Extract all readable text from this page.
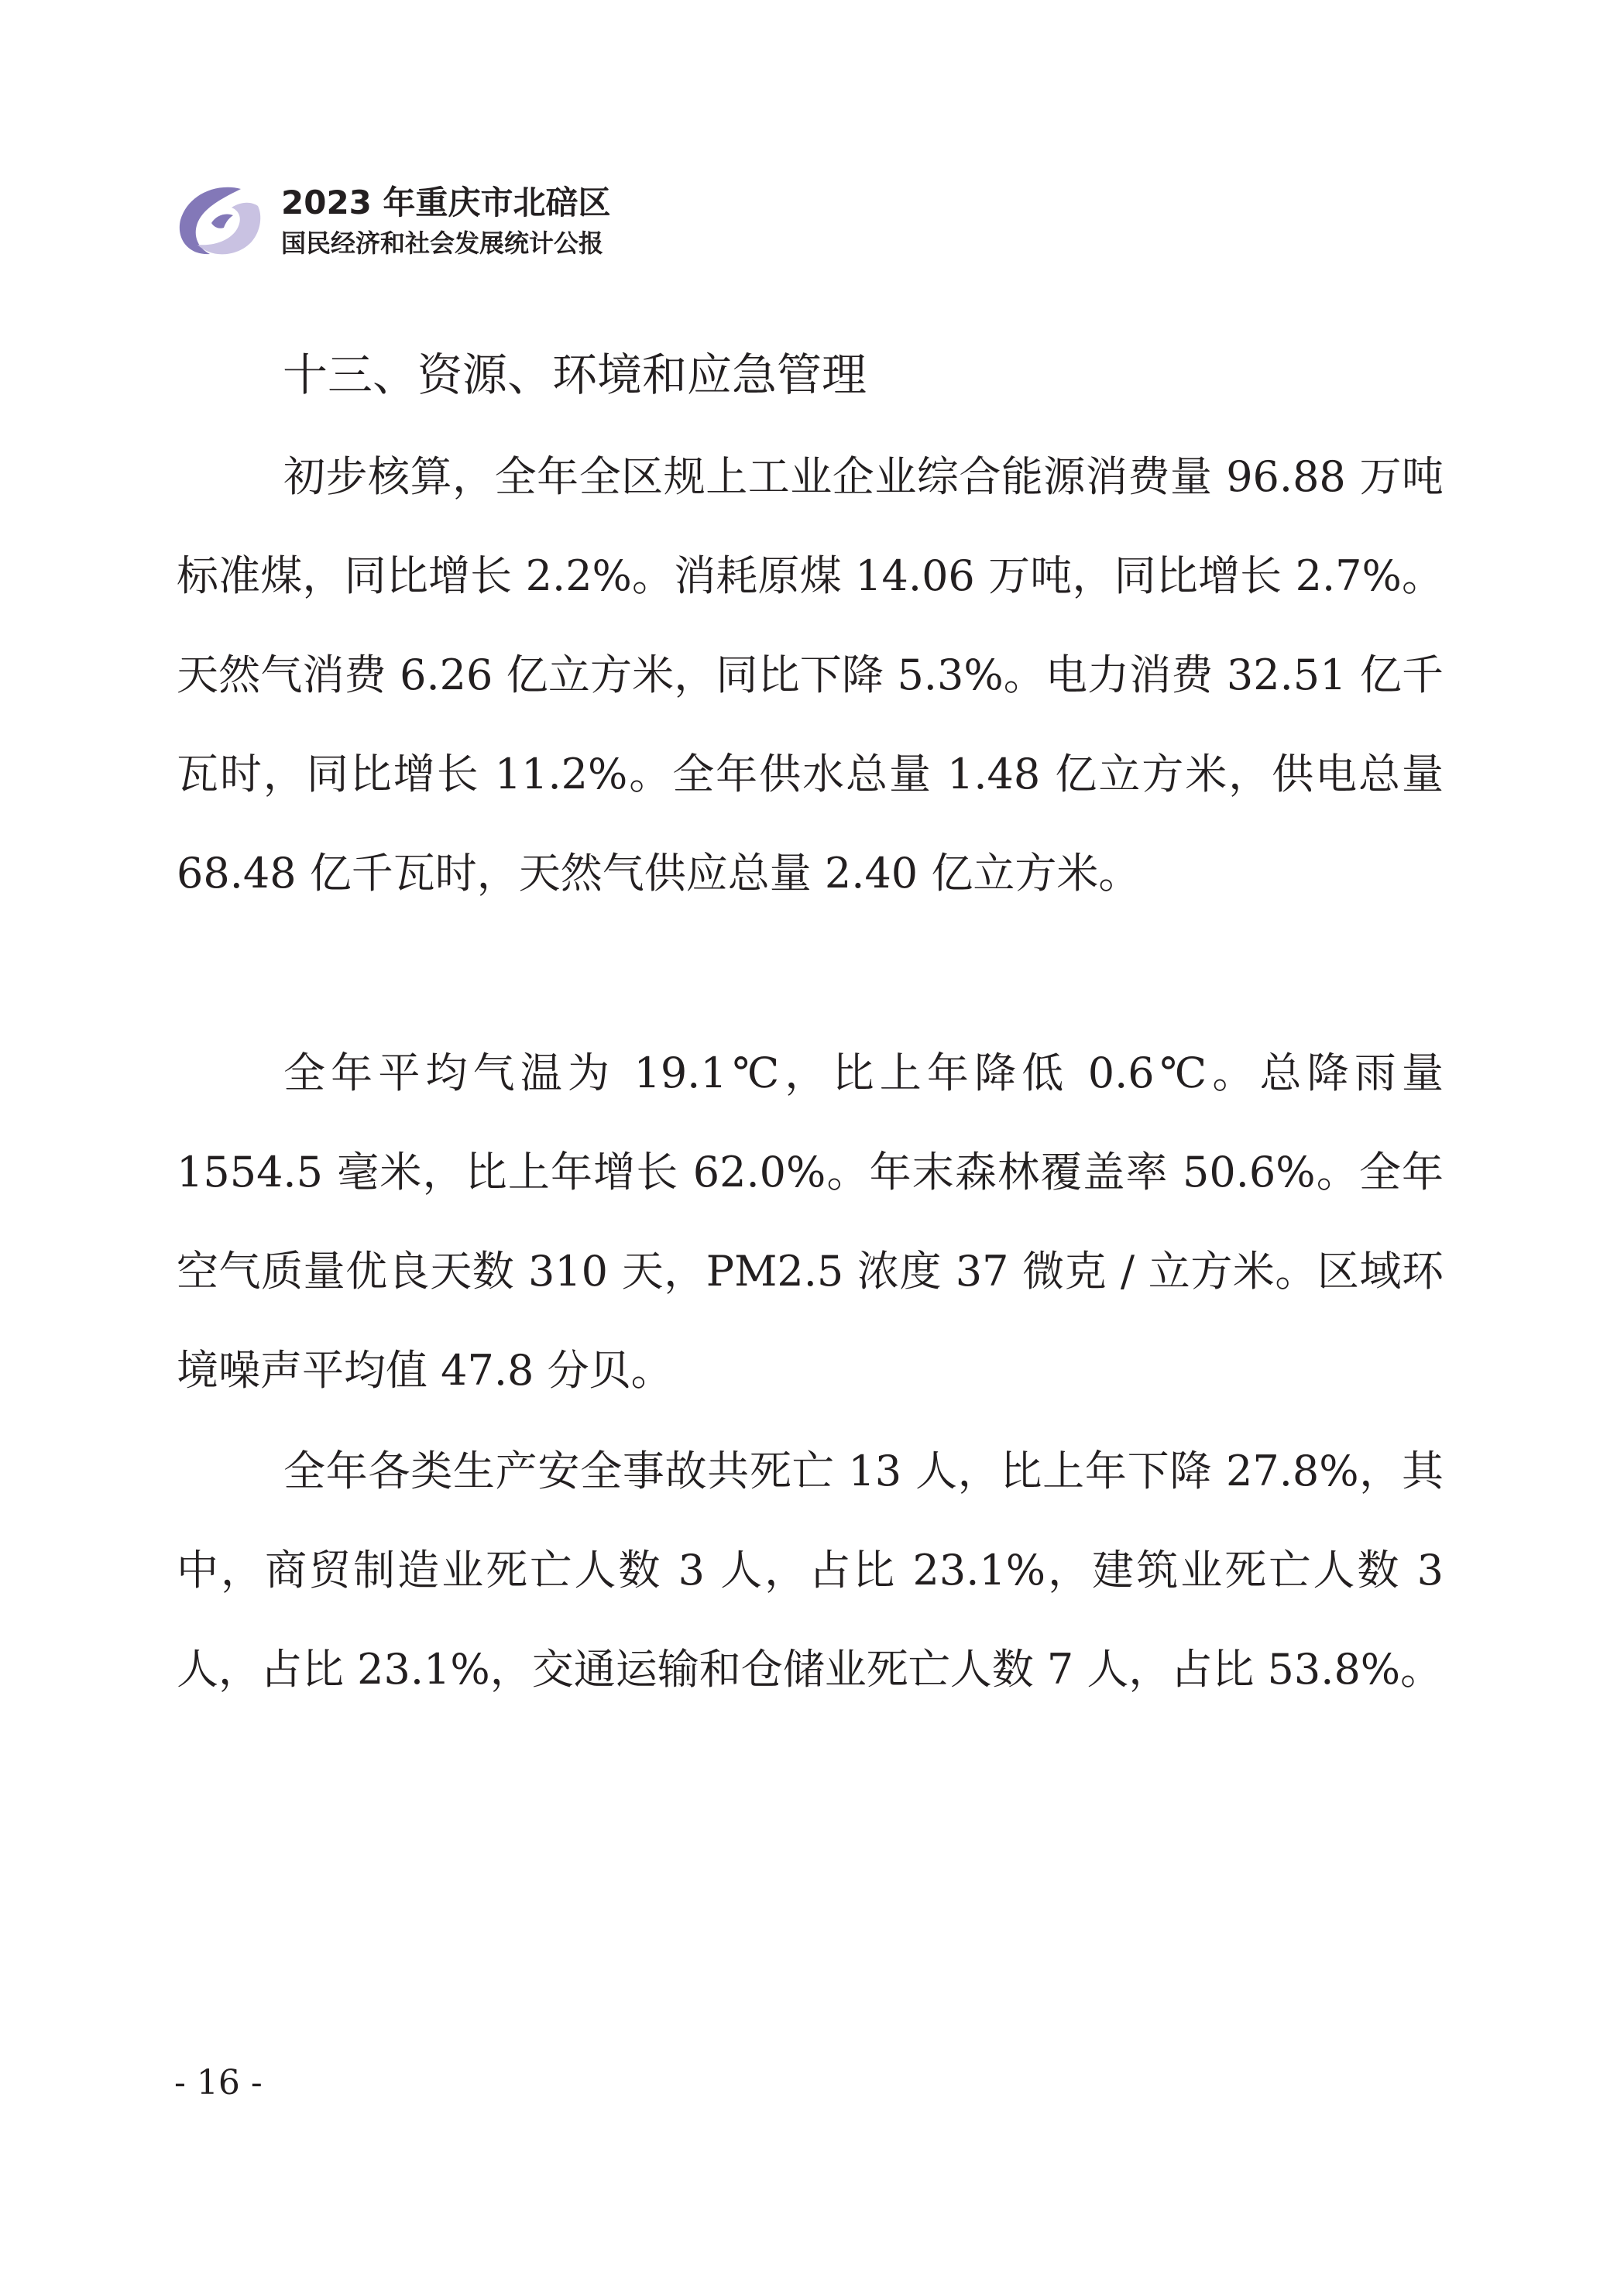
2023 年重庆市北碚区
国民经济和社会发展统计公报
十三、资源、环境和应急管理

初步核算，全年全区规上工业企业综合能源消费量 96.88 万吨标准煤，同比增长 2.2%。消耗原煤 14.06 万吨，同比增长 2.7%。天然气消费 6.26 亿立方米，同比下降 5.3%。电力消费 32.51 亿千瓦时，同比增长 11.2%。全年供水总量 1.48 亿立方米，供电总量 68.48 亿千瓦时，天然气供应总量 2.40 亿立方米。

全年平均气温为 19.1℃，比上年降低 0.6℃。总降雨量 1554.5 毫米，比上年增长 62.0%。年末森林覆盖率 50.6%。全年空气质量优良天数 310 天，PM2.5 浓度 37 微克 / 立方米。区域环境噪声平均值 47.8 分贝。

全年各类生产安全事故共死亡 13 人，比上年下降 27.8%，其中，商贸制造业死亡人数 3 人，占比 23.1%，建筑业死亡人数 3 人，占比 23.1%，交通运输和仓储业死亡人数 7 人，占比 53.8%。

- 16 -
